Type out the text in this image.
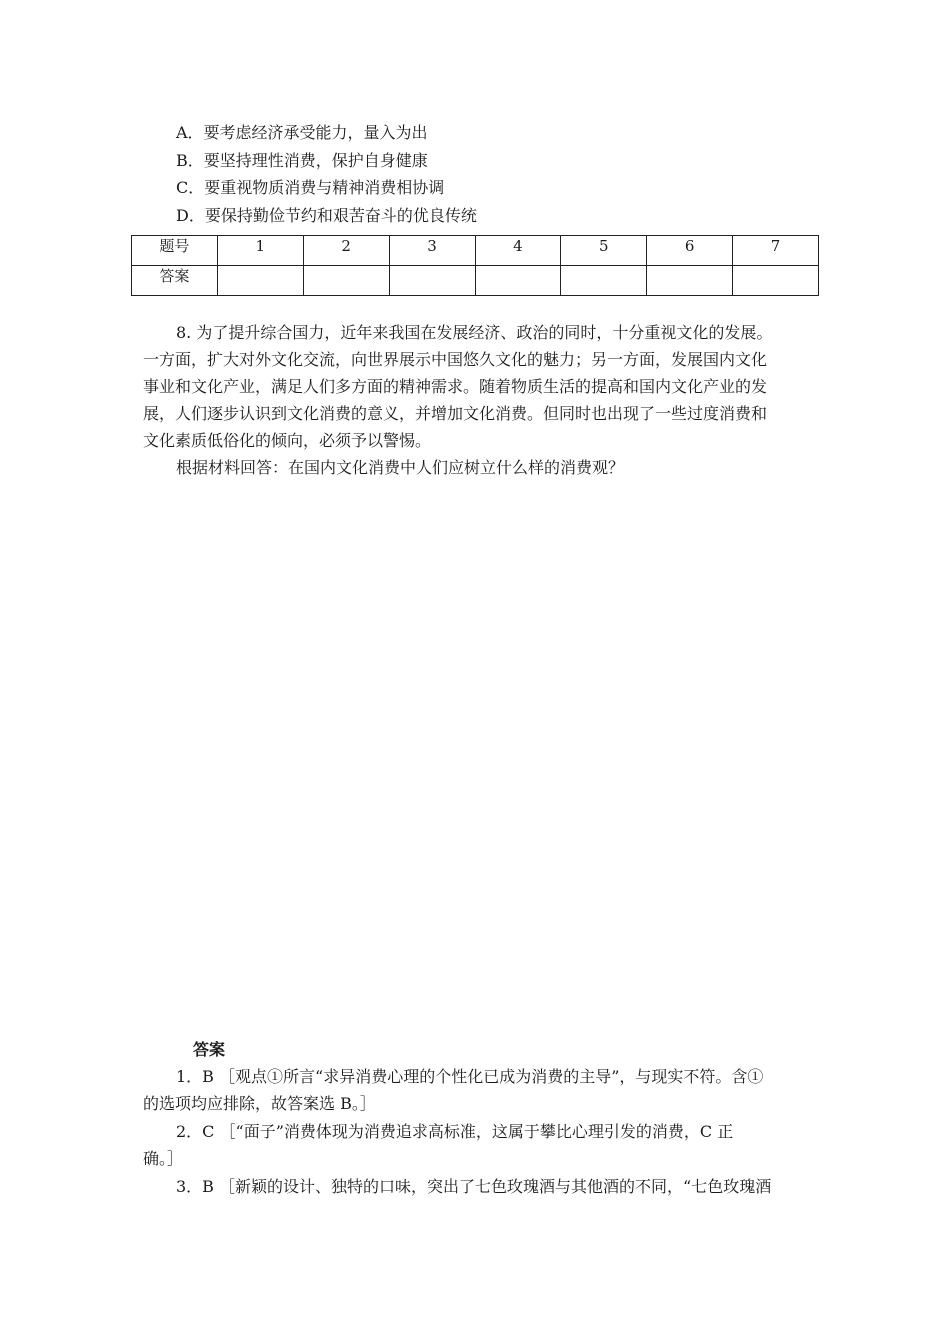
A．要考虑经济承受能力，量入为出
B．要坚持理性消费，保护自身健康
C．要重视物质消费与精神消费相协调
D．要保持勤俭节约和艰苦奋斗的优良传统
题号	1	2	3	4	5	6	7
答案							
8. 为了提升综合国力，近年来我国在发展经济、政治的同时，十分重视文化的发展。
一方面，扩大对外文化交流，向世界展示中国悠久文化的魅力；另一方面，发展国内文化
事业和文化产业，满足人们多方面的精神需求。随着物质生活的提高和国内文化产业的发
展，人们逐步认识到文化消费的意义，并增加文化消费。但同时也出现了一些过度消费和
文化素质低俗化的倾向，必须予以警惕。
根据材料回答：在国内文化消费中人们应树立什么样的消费观？
答案
1．B ［观点①所言“求异消费心理的个性化已成为消费的主导”，与现实不符。含①
的选项均应排除，故答案选 B。］
2．C ［“面子”消费体现为消费追求高标准，这属于攀比心理引发的消费，C 正
确。］
3．B ［新颖的设计、独特的口味，突出了七色玫瑰酒与其他酒的不同，“七色玫瑰酒
